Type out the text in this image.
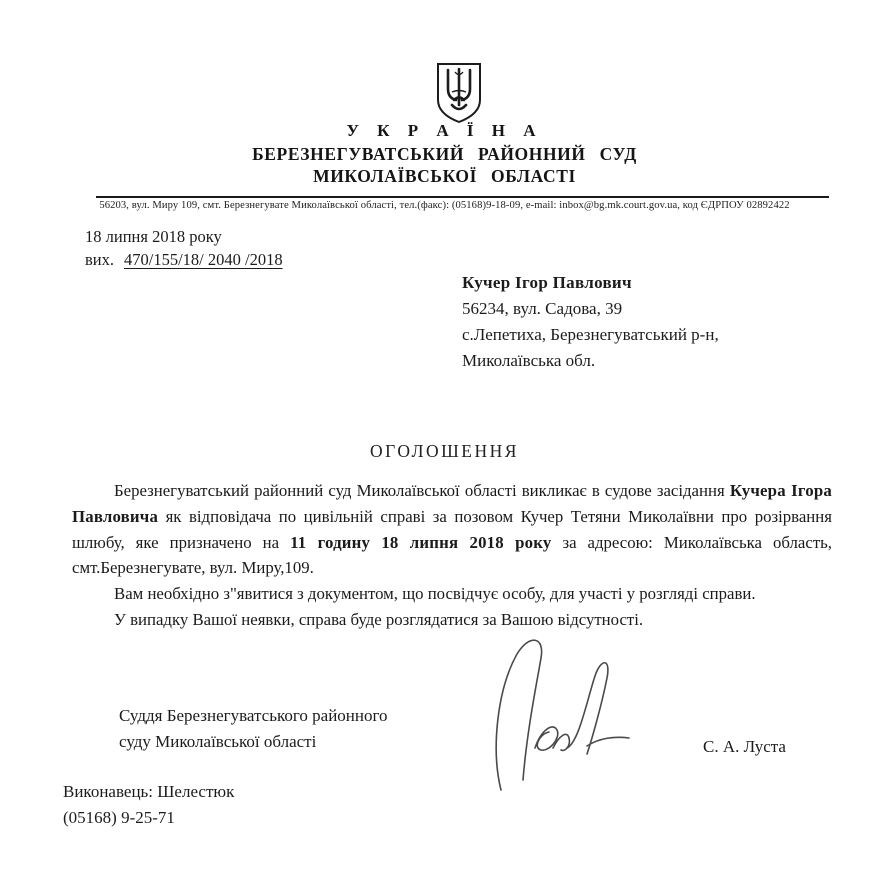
У К Р А Ї Н А
БЕРЕЗНЕГУВАТСЬКИЙ РАЙОННИЙ СУД
МИКОЛАЇВСЬКОЇ ОБЛАСТІ
56203, вул. Миру 109, смт. Березнегувате Миколаївської області, тел.(факс): (05168)9-18-09, e-mail: inbox@bg.mk.court.gov.ua, код ЄДРПОУ 02892422
18 липня 2018 року
вих. 470/155/18/ 2040 /2018
Кучер Ігор Павлович
56234, вул. Садова, 39
с.Лепетиха, Березнегуватський р-н,
Миколаївська обл.
ОГОЛОШЕННЯ

Березнегуватський районний суд Миколаївської області викликає в судове засідання Кучера Ігора Павловича як відповідача по цивільній справі за позовом Кучер Тетяни Миколаївни про розірвання шлюбу, яке призначено на 11 годину 18 липня 2018 року за адресою: Миколаївська область, смт.Березнегувате, вул. Миру,109.

Вам необхідно з"явитися з документом, що посвідчує особу, для участі у розгляді справи.

У випадку Вашої неявки, справа буде розглядатися за Вашою відсутності.

Суддя Березнегуватського районного
суду Миколаївської області	С. А. Луста
Виконавець: Шелестюк
(05168) 9-25-71
